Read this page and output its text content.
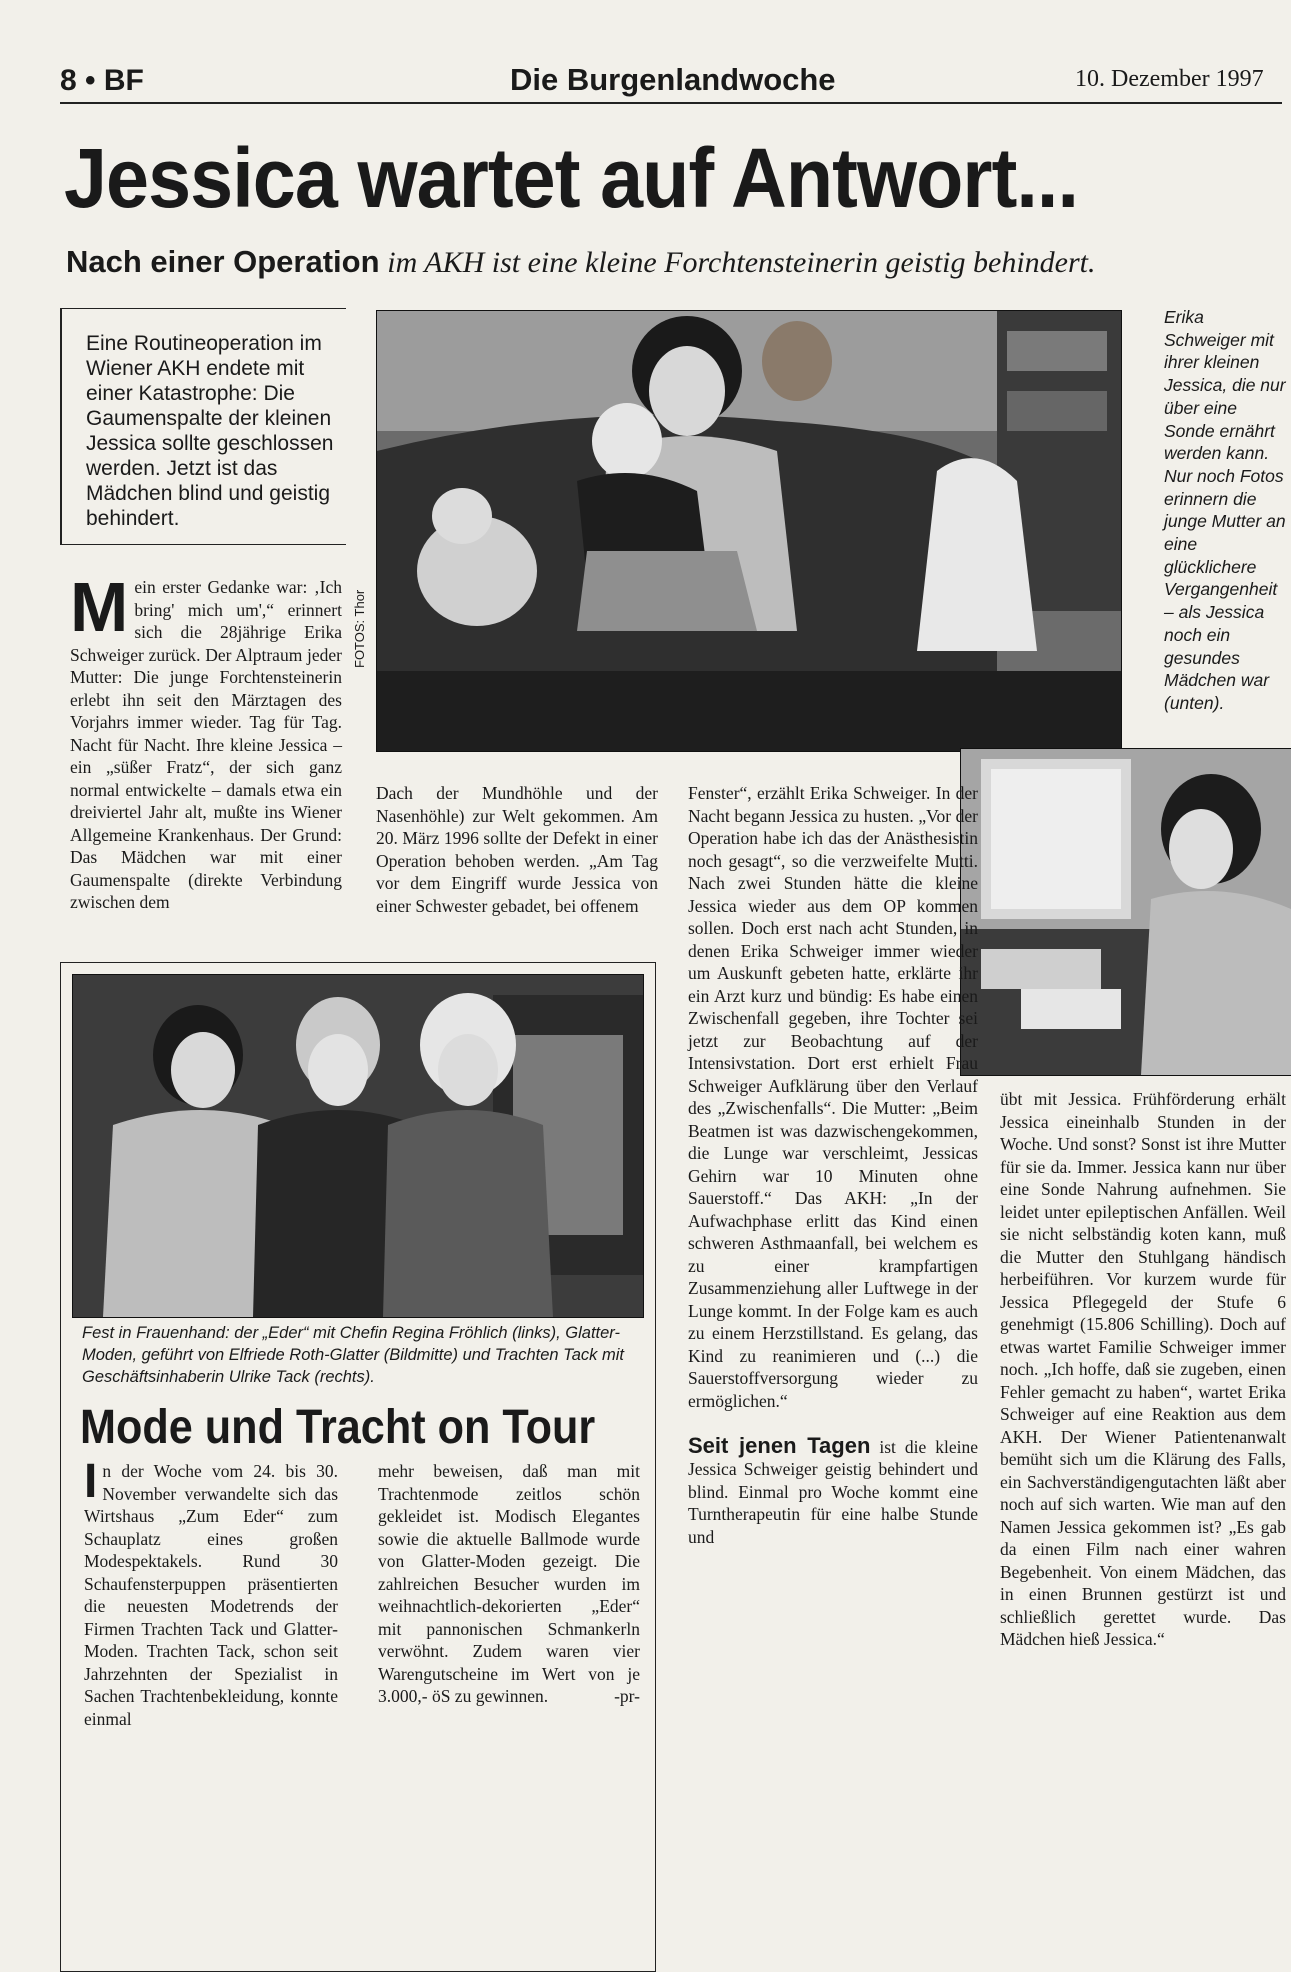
8 • BF	Die Burgenlandwoche	10. Dezember 1997
Jessica wartet auf Antwort...
Nach einer Operation im AKH ist eine kleine Forchtensteinerin geistig behindert.
Eine Routineoperation im Wiener AKH endete mit einer Katastrophe: Die Gaumenspalte der kleinen Jessica sollte geschlossen werden. Jetzt ist das Mädchen blind und geistig behindert.
Mein erster Gedanke war: ‚Ich bring' mich um',“ erinnert sich die 28jährige Erika Schweiger zurück. Der Alptraum jeder Mutter: Die junge Forchtensteinerin erlebt ihn seit den Märztagen des Vorjahrs immer wieder. Tag für Tag. Nacht für Nacht. Ihre kleine Jessica – ein „süßer Fratz“, der sich ganz normal entwickelte – damals etwa ein dreiviertel Jahr alt, mußte ins Wiener Allgemeine Krankenhaus. Der Grund: Das Mädchen war mit einer Gaumenspalte (direkte Verbindung zwischen dem
FOTOS: Thor
Erika Schweiger mit ihrer kleinen Jessica, die nur über eine Sonde ernährt werden kann. Nur noch Fotos erinnern die junge Mutter an eine glücklichere Vergangenheit – als Jessica noch ein gesundes Mädchen war (unten).
Dach der Mundhöhle und der Nasenhöhle) zur Welt gekommen. Am 20. März 1996 sollte der Defekt in einer Operation behoben werden. „Am Tag vor dem Eingriff wurde Jessica von einer Schwester gebadet, bei offenem
Fenster“, erzählt Erika Schweiger. In der Nacht begann Jessica zu husten. „Vor der Operation habe ich das der Anästhesistin noch gesagt“, so die verzweifelte Mutti. Nach zwei Stunden hätte die kleine Jessica wieder aus dem OP kommen sollen. Doch erst nach acht Stunden, in denen Erika Schweiger immer wieder um Auskunft gebeten hatte, erklärte ihr ein Arzt kurz und bündig: Es habe einen Zwischenfall gegeben, ihre Tochter sei jetzt zur Beobachtung auf der Intensivstation. Dort erst erhielt Frau Schweiger Aufklärung über den Verlauf des „Zwischenfalls“. Die Mutter: „Beim Beatmen ist was dazwischengekommen, die Lunge war verschleimt, Jessicas Gehirn war 10 Minuten ohne Sauerstoff.“ Das AKH: „In der Aufwachphase erlitt das Kind einen schweren Asthmaanfall, bei welchem es zu einer krampfartigen Zusammenziehung aller Luftwege in der Lunge kommt. In der Folge kam es auch zu einem Herzstillstand. Es gelang, das Kind zu reanimieren und (...) die Sauerstoffversorgung wieder zu ermöglichen.“

Seit jenen Tagen ist die kleine Jessica Schweiger geistig behindert und blind. Einmal pro Woche kommt eine Turntherapeutin für eine halbe Stunde und
übt mit Jessica. Frühförderung erhält Jessica eineinhalb Stunden in der Woche. Und sonst? Sonst ist ihre Mutter für sie da. Immer. Jessica kann nur über eine Sonde Nahrung aufnehmen. Sie leidet unter epileptischen Anfällen. Weil sie nicht selbständig koten kann, muß die Mutter den Stuhlgang händisch herbeiführen. Vor kurzem wurde für Jessica Pflegegeld der Stufe 6 genehmigt (15.806 Schilling). Doch auf etwas wartet Familie Schweiger immer noch. „Ich hoffe, daß sie zugeben, einen Fehler gemacht zu haben“, wartet Erika Schweiger auf eine Reaktion aus dem AKH. Der Wiener Patientenanwalt bemüht sich um die Klärung des Falls, ein Sachverständigengutachten läßt aber noch auf sich warten. Wie man auf den Namen Jessica gekommen ist? „Es gab da einen Film nach einer wahren Begebenheit. Von einem Mädchen, das in einen Brunnen gestürzt ist und schließlich gerettet wurde. Das Mädchen hieß Jessica.“
Fest in Frauenhand: der „Eder“ mit Chefin Regina Fröhlich (links), Glatter-Moden, geführt von Elfriede Roth-Glatter (Bildmitte) und Trachten Tack mit Geschäftsinhaberin Ulrike Tack (rechts).
Mode und Tracht on Tour
In der Woche vom 24. bis 30. November verwandelte sich das Wirtshaus „Zum Eder“ zum Schauplatz eines großen Modespektakels. Rund 30 Schaufensterpuppen präsentierten die neuesten Modetrends der Firmen Trachten Tack und Glatter-Moden. Trachten Tack, schon seit Jahrzehnten der Spezialist in Sachen Trachtenbekleidung, konnte einmal
mehr beweisen, daß man mit Trachtenmode zeitlos schön gekleidet ist. Modisch Elegantes sowie die aktuelle Ballmode wurde von Glatter-Moden gezeigt. Die zahlreichen Besucher wurden im weihnachtlich-dekorierten „Eder“ mit pannonischen Schmankerln verwöhnt. Zudem waren vier Warengutscheine im Wert von je 3.000,- öS zu gewinnen.	-pr-
